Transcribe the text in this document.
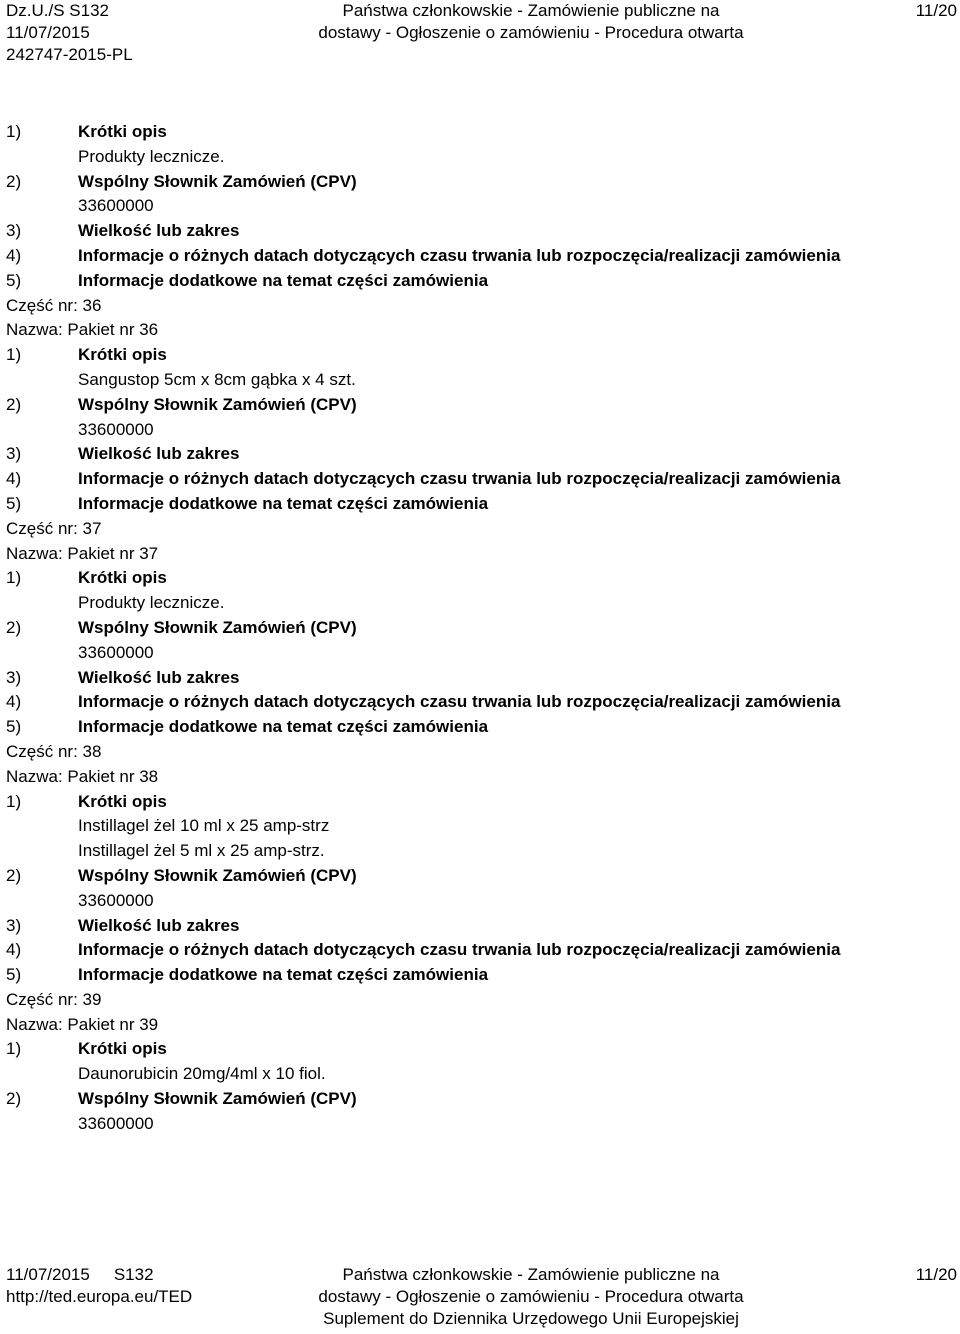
Dz.U./S S132
11/07/2015
242747-2015-PL
Państwa członkowskie - Zamówienie publiczne na
dostawy - Ogłoszenie o zamówieniu - Procedura otwarta
11/20
1)	Krótki opis
Produkty lecznicze.
2)	Wspólny Słownik Zamówień (CPV)
33600000
3)	Wielkość lub zakres
4)	Informacje o różnych datach dotyczących czasu trwania lub rozpoczęcia/realizacji zamówienia
5)	Informacje dodatkowe na temat części zamówienia
Część nr: 36
Nazwa: Pakiet nr 36
1)	Krótki opis
Sangustop 5cm x 8cm gąbka x 4 szt.
2)	Wspólny Słownik Zamówień (CPV)
33600000
3)	Wielkość lub zakres
4)	Informacje o różnych datach dotyczących czasu trwania lub rozpoczęcia/realizacji zamówienia
5)	Informacje dodatkowe na temat części zamówienia
Część nr: 37
Nazwa: Pakiet nr 37
1)	Krótki opis
Produkty lecznicze.
2)	Wspólny Słownik Zamówień (CPV)
33600000
3)	Wielkość lub zakres
4)	Informacje o różnych datach dotyczących czasu trwania lub rozpoczęcia/realizacji zamówienia
5)	Informacje dodatkowe na temat części zamówienia
Część nr: 38
Nazwa: Pakiet nr 38
1)	Krótki opis
Instillagel żel 10 ml x 25 amp-strz
Instillagel żel 5 ml x 25 amp-strz.
2)	Wspólny Słownik Zamówień (CPV)
33600000
3)	Wielkość lub zakres
4)	Informacje o różnych datach dotyczących czasu trwania lub rozpoczęcia/realizacji zamówienia
5)	Informacje dodatkowe na temat części zamówienia
Część nr: 39
Nazwa: Pakiet nr 39
1)	Krótki opis
Daunorubicin 20mg/4ml x 10 fiol.
2)	Wspólny Słownik Zamówień (CPV)
33600000
11/07/2015 S132
http://ted.europa.eu/TED
Państwa członkowskie - Zamówienie publiczne na
dostawy - Ogłoszenie o zamówieniu - Procedura otwarta
Suplement do Dziennika Urzędowego Unii Europejskiej
11/20
